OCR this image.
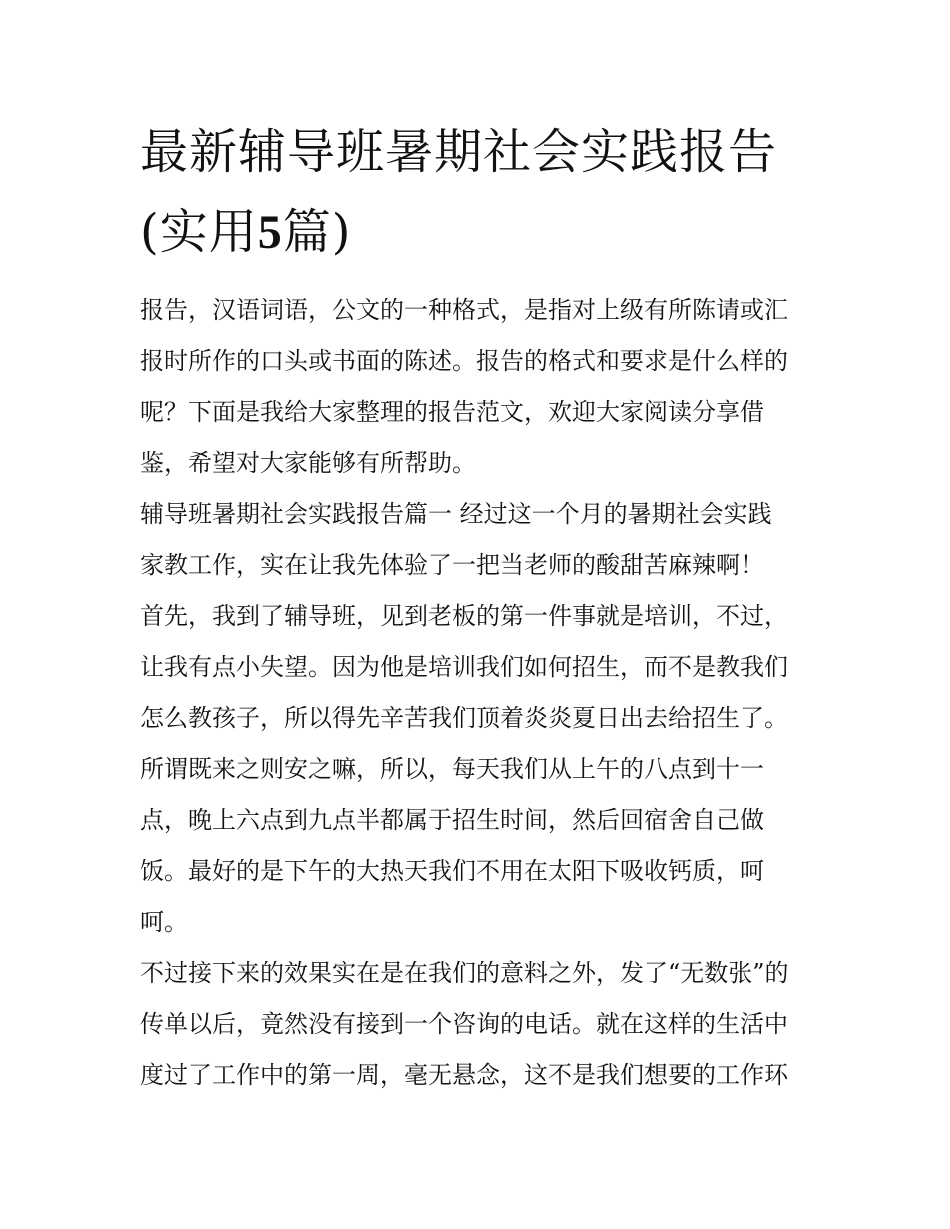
最新辅导班暑期社会实践报告
(实用5篇)

报告，汉语词语，公文的一种格式，是指对上级有所陈请或汇
报时所作的口头或书面的陈述。报告的格式和要求是什么样的
呢？下面是我给大家整理的报告范文，欢迎大家阅读分享借
鉴，希望对大家能够有所帮助。

辅导班暑期社会实践报告篇一 经过这一个月的暑期社会实践
家教工作，实在让我先体验了一把当老师的酸甜苦麻辣啊！

首先，我到了辅导班，见到老板的第一件事就是培训，不过，
让我有点小失望。因为他是培训我们如何招生，而不是教我们
怎么教孩子，所以得先辛苦我们顶着炎炎夏日出去给招生了。
所谓既来之则安之嘛，所以，每天我们从上午的八点到十一
点，晚上六点到九点半都属于招生时间，然后回宿舍自己做
饭。最好的是下午的大热天我们不用在太阳下吸收钙质，呵
呵。

不过接下来的效果实在是在我们的意料之外，发了“无数张”的
传单以后，竟然没有接到一个咨询的电话。就在这样的生活中
度过了工作中的第一周，毫无悬念，这不是我们想要的工作环
